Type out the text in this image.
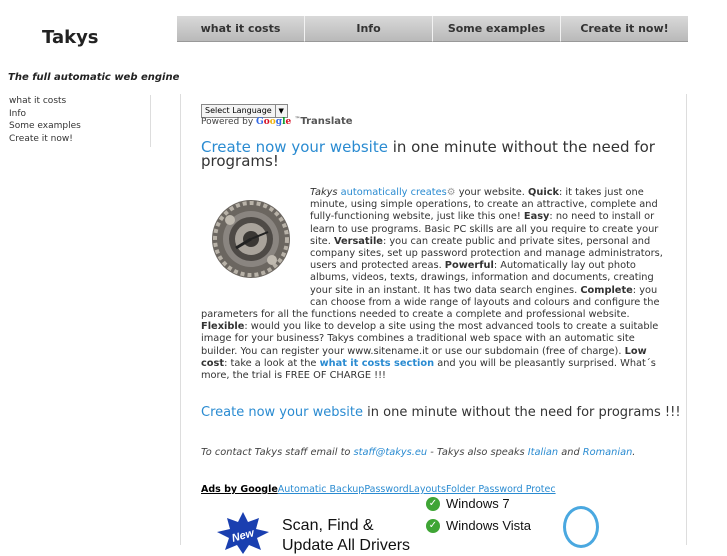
Takys
The full automatic web engine
what it costs	Info	Some examples	Create it now!
what it costs
Info
Some examples
Create it now!
Select Language ▼
Powered by Google ™Translate
Create now your website in one minute without the need for programs!
Takys automatically creates⚙ your website. Quick: it takes just one minute, using simple operations, to create an attractive, complete and fully-functioning website, just like this one! Easy: no need to install or learn to use programs. Basic PC skills are all you require to create your site. Versatile: you can create public and private sites, personal and company sites, set up password protection and manage administrators, users and protected areas. Powerful: Automatically lay out photo albums, videos, texts, drawings, information and documents, creating your site in an instant. It has two data search engines. Complete: you can choose from a wide range of layouts and colours and configure the parameters for all the functions needed to create a complete and professional website. Flexible: would you like to develop a site using the most advanced tools to create a suitable image for your business? Takys combines a traditional web space with an automatic site builder. You can register your www.sitename.it or use our subdomain (free of charge). Low cost: take a look at the what it costs section and you will be pleasantly surprised. What´s more, the trial is FREE OF CHARGE !!!
Create now your website in one minute without the need for programs !!!
To contact Takys staff email to staff@takys.eu - Takys also speaks Italian and Romanian.
Ads by Google Automatic Backup Password Layouts Folder Password Protec
New
Scan, Find &
Update All Drivers
✓ Windows 7
✓ Windows Vista
